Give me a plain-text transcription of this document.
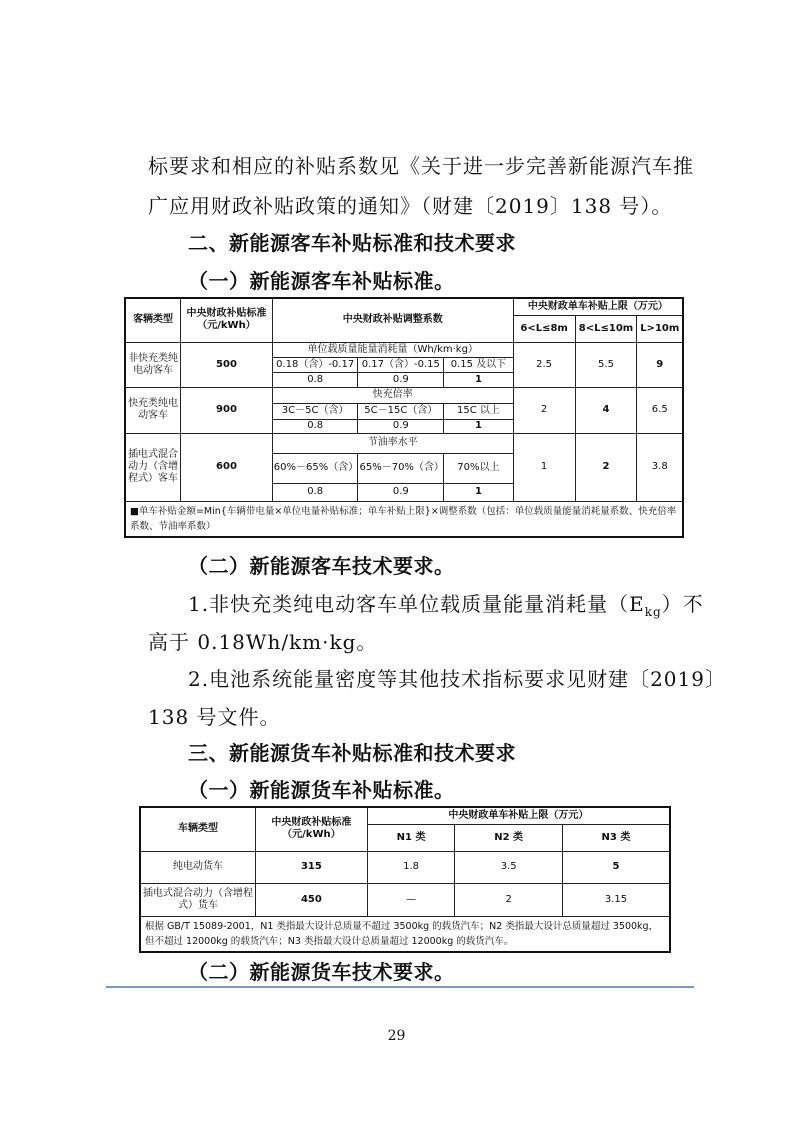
标要求和相应的补贴系数见《关于进一步完善新能源汽车推
广应用财政补贴政策的通知》（财建〔2019〕138 号）。
二、新能源客车补贴标准和技术要求
（一）新能源客车补贴标准。
客辆类型	中央财政补贴标准（元/kWh）	中央财政补贴调整系数			中央财政单车补贴上限（万元）		
					6<L≤8m	8<L≤10m	L>10m
非快充类纯电动客车	500	单位载质量能量消耗量（Wh/km·kg）			2.5	5.5	9
		0.18（含）-0.17	0.17（含）-0.15	0.15 及以下			
		0.8	0.9	1			
快充类纯电动客车	900	快充倍率			2	4	6.5
		3C－5C（含）	5C－15C（含）	15C 以上			
		0.8	0.9	1			
插电式混合动力（含增程式）客车	600	节油率水平			1	2	3.8
		60%－65%（含）	65%－70%（含）	70%以上			
		0.8	0.9	1			
■单车补贴金额=Min{车辆带电量×单位电量补贴标准；单车补贴上限}×调整系数（包括：单位载质量能量消耗量系数、快充倍率系数、节油率系数）							
（二）新能源客车技术要求。
1.非快充类纯电动客车单位载质量能量消耗量$(E_{kg})$不
高于 0.18Wh/km·kg。
2.电池系统能量密度等其他技术指标要求见财建〔2019〕
138 号文件。
三、新能源货车补贴标准和技术要求
（一）新能源货车补贴标准。
车辆类型	中央财政补贴标准（元/kWh）	中央财政单车补贴上限（万元）		
		N1 类	N2 类	N3 类
纯电动货车	315	1.8	3.5	5
插电式混合动力（含增程式）货车	450	—	2	3.15
根据 GB/T 15089-2001，N1 类指最大设计总质量不超过 3500kg 的载货汽车；N2 类指最大设计总质量超过 3500kg，但不超过 12000kg 的载货汽车；N3 类指最大设计总质量超过 12000kg 的载货汽车。				
（二）新能源货车技术要求。
29
